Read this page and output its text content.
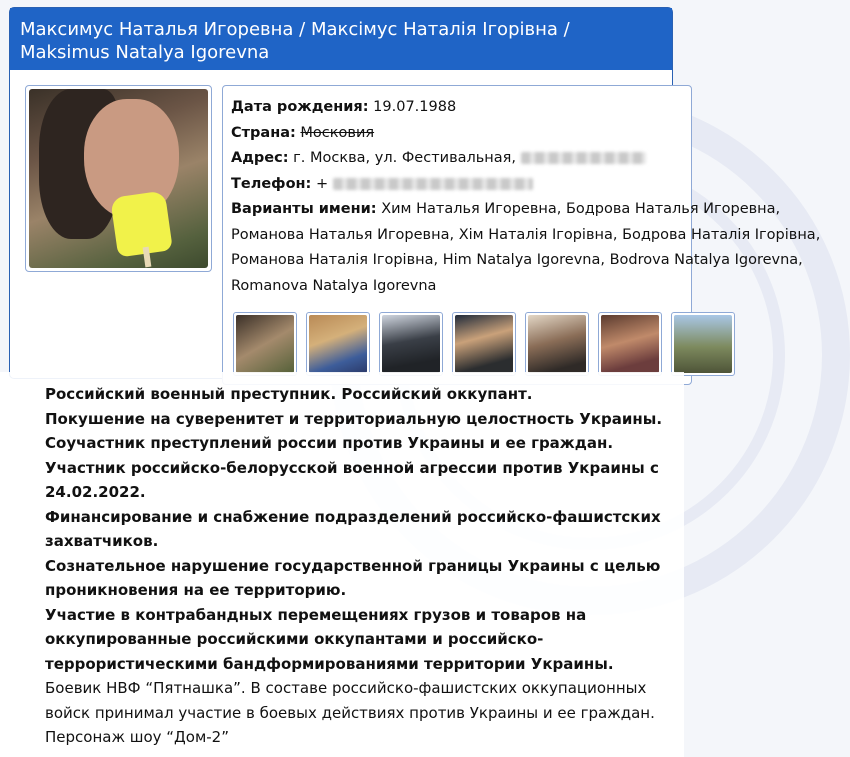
Максимус Наталья Игоревна / Максімус Наталія Ігорівна / Maksimus Natalya Igorevna
Дата рождения: 19.07.1988
Страна: Московия
Адрес: г. Москва, ул. Фестивальная,
Телефон: +
Варианты имени: Хим Наталья Игоревна, Бодрова Наталья Игоревна, Романова Наталья Игоревна, Хім Наталія Ігорівна, Бодрова Наталія Ігорівна, Романова Наталія Ігорівна, Him Natalya Igorevna, Bodrova Natalya Igorevna, Romanova Natalya Igorevna

Российский военный преступник. Российский оккупант.

Покушение на суверенитет и территориальную целостность Украины.

Соучастник преступлений россии против Украины и ее граждан.

Участник российско-белорусской военной агрессии против Украины с 24.02.2022.

Финансирование и снабжение подразделений российско-фашистских захватчиков.

Сознательное нарушение государственной границы Украины с целью проникновения на ее территорию.

Участие в контрабандных перемещениях грузов и товаров на оккупированные российскими оккупантами и российско-террористическими бандформированиями территории Украины.

Боевик НВФ “Пятнашка”. В составе российско-фашистских оккупационных войск принимал участие в боевых действиях против Украины и ее граждан.

Персонаж шоу “Дом-2”
